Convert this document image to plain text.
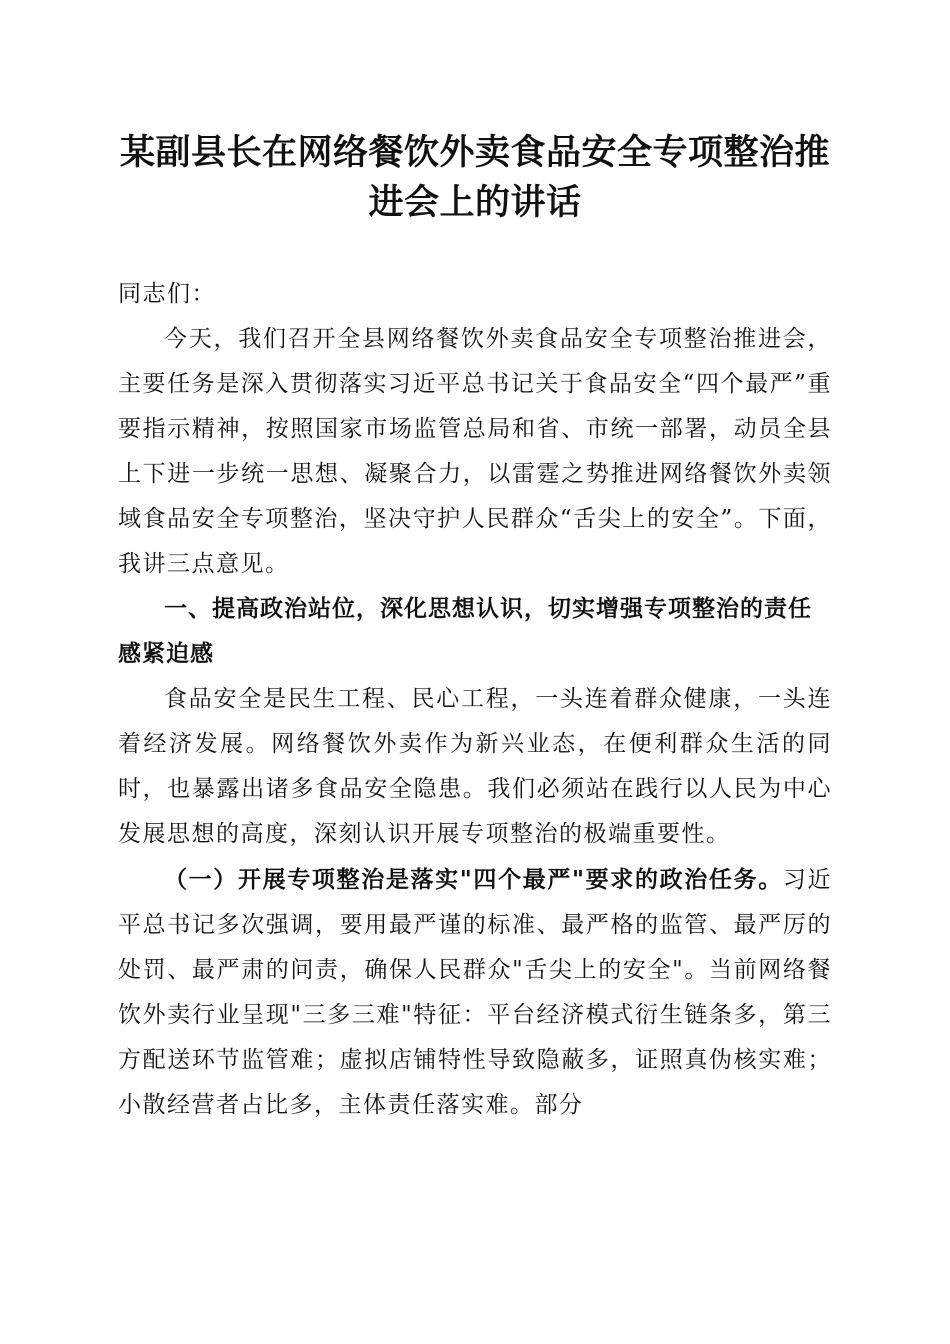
某副县长在网络餐饮外卖食品安全专项整治推
进会上的讲话

同志们：

今天，我们召开全县网络餐饮外卖食品安全专项整治推进会，主要任务是深入贯彻落实习近平总书记关于食品安全“四个最严”重要指示精神，按照国家市场监管总局和省、市统一部署，动员全县上下进一步统一思想、凝聚合力，以雷霆之势推进网络餐饮外卖领域食品安全专项整治，坚决守护人民群众“舌尖上的安全”。下面，我讲三点意见。

一、提高政治站位，深化思想认识，切实增强专项整治的责任感紧迫感

食品安全是民生工程、民心工程，一头连着群众健康，一头连着经济发展。网络餐饮外卖作为新兴业态，在便利群众生活的同时，也暴露出诸多食品安全隐患。我们必须站在践行以人民为中心发展思想的高度，深刻认识开展专项整治的极端重要性。

（一）开展专项整治是落实"四个最严"要求的政治任务。习近平总书记多次强调，要用最严谨的标准、最严格的监管、最严厉的处罚、最严肃的问责，确保人民群众"舌尖上的安全"。当前网络餐饮外卖行业呈现"三多三难"特征：平台经济模式衍生链条多，第三方配送环节监管难；虚拟店铺特性导致隐蔽多，证照真伪核实难；小散经营者占比多，主体责任落实难。部分
